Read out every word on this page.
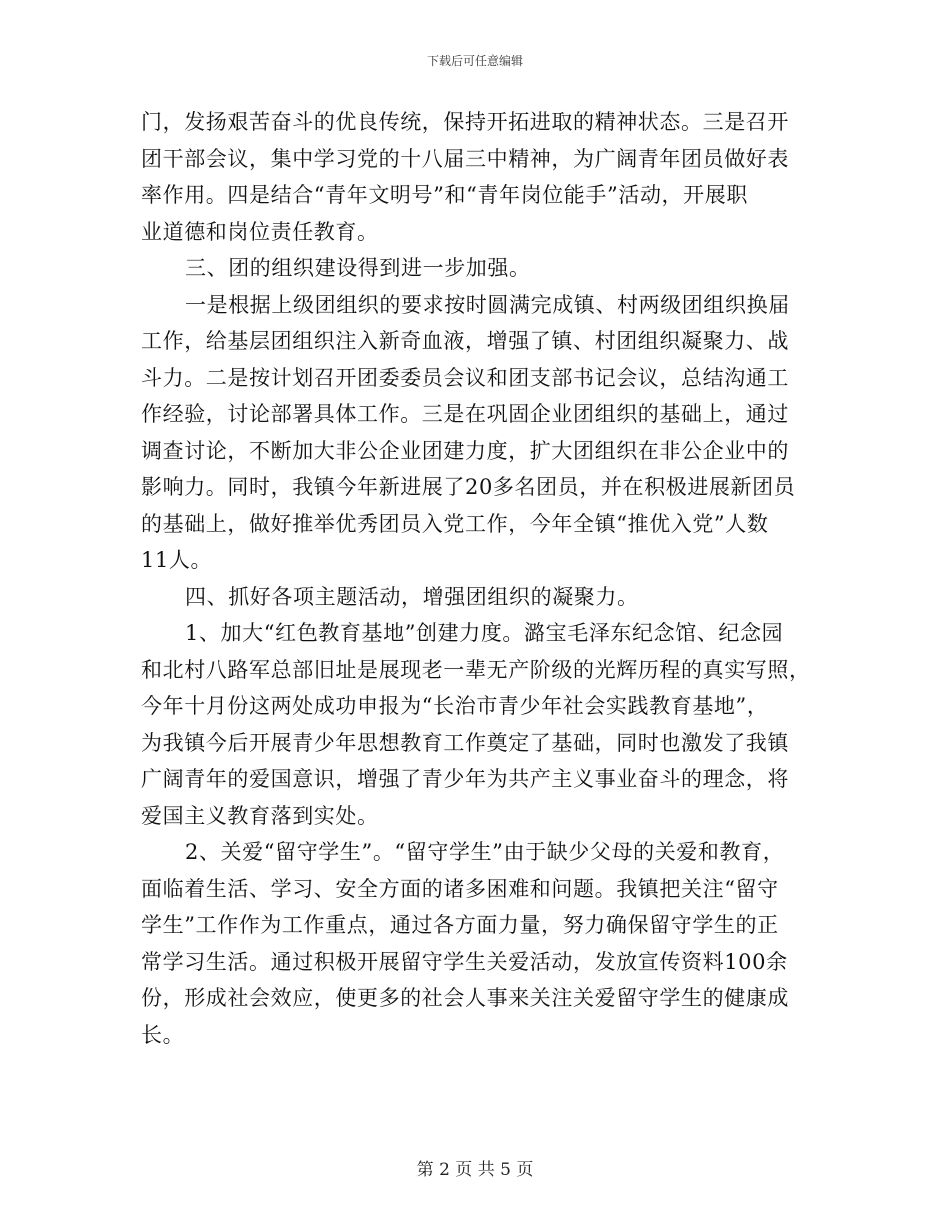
下载后可任意编辑
门，发扬艰苦奋斗的优良传统，保持开拓进取的精神状态。三是召开
团干部会议，集中学习党的十八届三中精神，为广阔青年团员做好表
率作用。四是结合“青年文明号”和“青年岗位能手”活动，开展职
业道德和岗位责任教育。
三、团的组织建设得到进一步加强。
一是根据上级团组织的要求按时圆满完成镇、村两级团组织换届
工作，给基层团组织注入新奇血液，增强了镇、村团组织凝聚力、战
斗力。二是按计划召开团委委员会议和团支部书记会议，总结沟通工
作经验，讨论部署具体工作。三是在巩固企业团组织的基础上，通过
调查讨论，不断加大非公企业团建力度，扩大团组织在非公企业中的
影响力。同时，我镇今年新进展了20多名团员，并在积极进展新团员
的基础上，做好推举优秀团员入党工作，今年全镇“推优入党”人数
11人。
四、抓好各项主题活动，增强团组织的凝聚力。
1、加大“红色教育基地”创建力度。潞宝毛泽东纪念馆、纪念园
和北村八路军总部旧址是展现老一辈无产阶级的光辉历程的真实写照，
今年十月份这两处成功申报为“长治市青少年社会实践教育基地”，
为我镇今后开展青少年思想教育工作奠定了基础，同时也激发了我镇
广阔青年的爱国意识，增强了青少年为共产主义事业奋斗的理念，将
爱国主义教育落到实处。
2、关爱“留守学生”。“留守学生”由于缺少父母的关爱和教育，
面临着生活、学习、安全方面的诸多困难和问题。我镇把关注“留守
学生”工作作为工作重点，通过各方面力量，努力确保留守学生的正
常学习生活。通过积极开展留守学生关爱活动，发放宣传资料100余
份，形成社会效应，使更多的社会人事来关注关爱留守学生的健康成
长。
第 2 页 共 5 页
